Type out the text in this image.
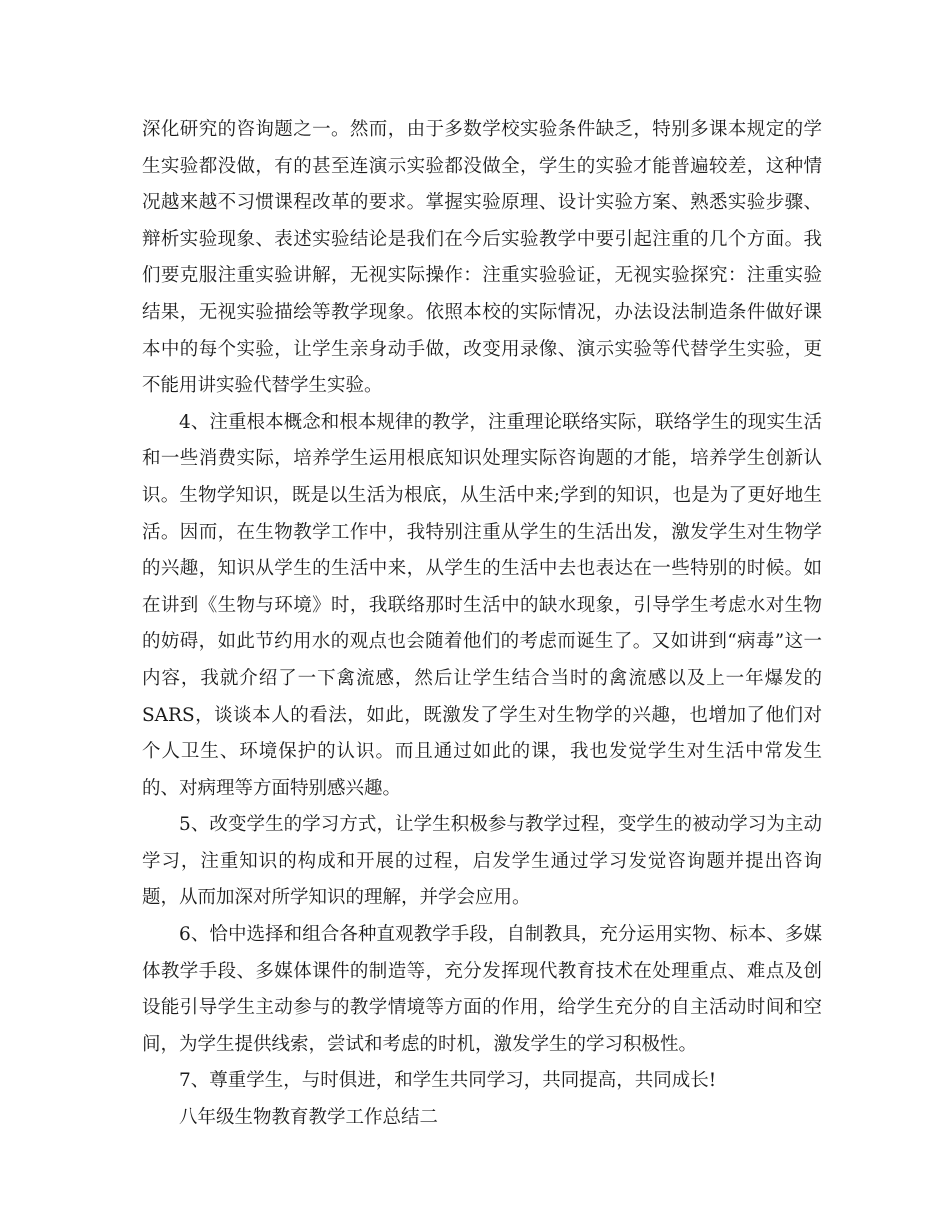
深化研究的咨询题之一。然而，由于多数学校实验条件缺乏，特别多课本规定的学生实验都没做，有的甚至连演示实验都没做全，学生的实验才能普遍较差，这种情况越来越不习惯课程改革的要求。掌握实验原理、设计实验方案、熟悉实验步骤、辩析实验现象、表述实验结论是我们在今后实验教学中要引起注重的几个方面。我们要克服注重实验讲解，无视实际操作：注重实验验证，无视实验探究：注重实验结果，无视实验描绘等教学现象。依照本校的实际情况，办法设法制造条件做好课本中的每个实验，让学生亲身动手做，改变用录像、演示实验等代替学生实验，更不能用讲实验代替学生实验。

4、注重根本概念和根本规律的教学，注重理论联络实际，联络学生的现实生活和一些消费实际，培养学生运用根底知识处理实际咨询题的才能，培养学生创新认识。生物学知识，既是以生活为根底，从生活中来;学到的知识，也是为了更好地生活。因而，在生物教学工作中，我特别注重从学生的生活出发，激发学生对生物学的兴趣，知识从学生的生活中来，从学生的生活中去也表达在一些特别的时候。如在讲到《生物与环境》时，我联络那时生活中的缺水现象，引导学生考虑水对生物的妨碍，如此节约用水的观点也会随着他们的考虑而诞生了。又如讲到“病毒”这一内容，我就介绍了一下禽流感，然后让学生结合当时的禽流感以及上一年爆发的SARS，谈谈本人的看法，如此，既激发了学生对生物学的兴趣，也增加了他们对个人卫生、环境保护的认识。而且通过如此的课，我也发觉学生对生活中常发生的、对病理等方面特别感兴趣。

5、改变学生的学习方式，让学生积极参与教学过程，变学生的被动学习为主动学习，注重知识的构成和开展的过程，启发学生通过学习发觉咨询题并提出咨询题，从而加深对所学知识的理解，并学会应用。

6、恰中选择和组合各种直观教学手段，自制教具，充分运用实物、标本、多媒体教学手段、多媒体课件的制造等，充分发挥现代教育技术在处理重点、难点及创设能引导学生主动参与的教学情境等方面的作用，给学生充分的自主活动时间和空间，为学生提供线索，尝试和考虑的时机，激发学生的学习积极性。

7、尊重学生，与时俱进，和学生共同学习，共同提高，共同成长!

八年级生物教育教学工作总结二
